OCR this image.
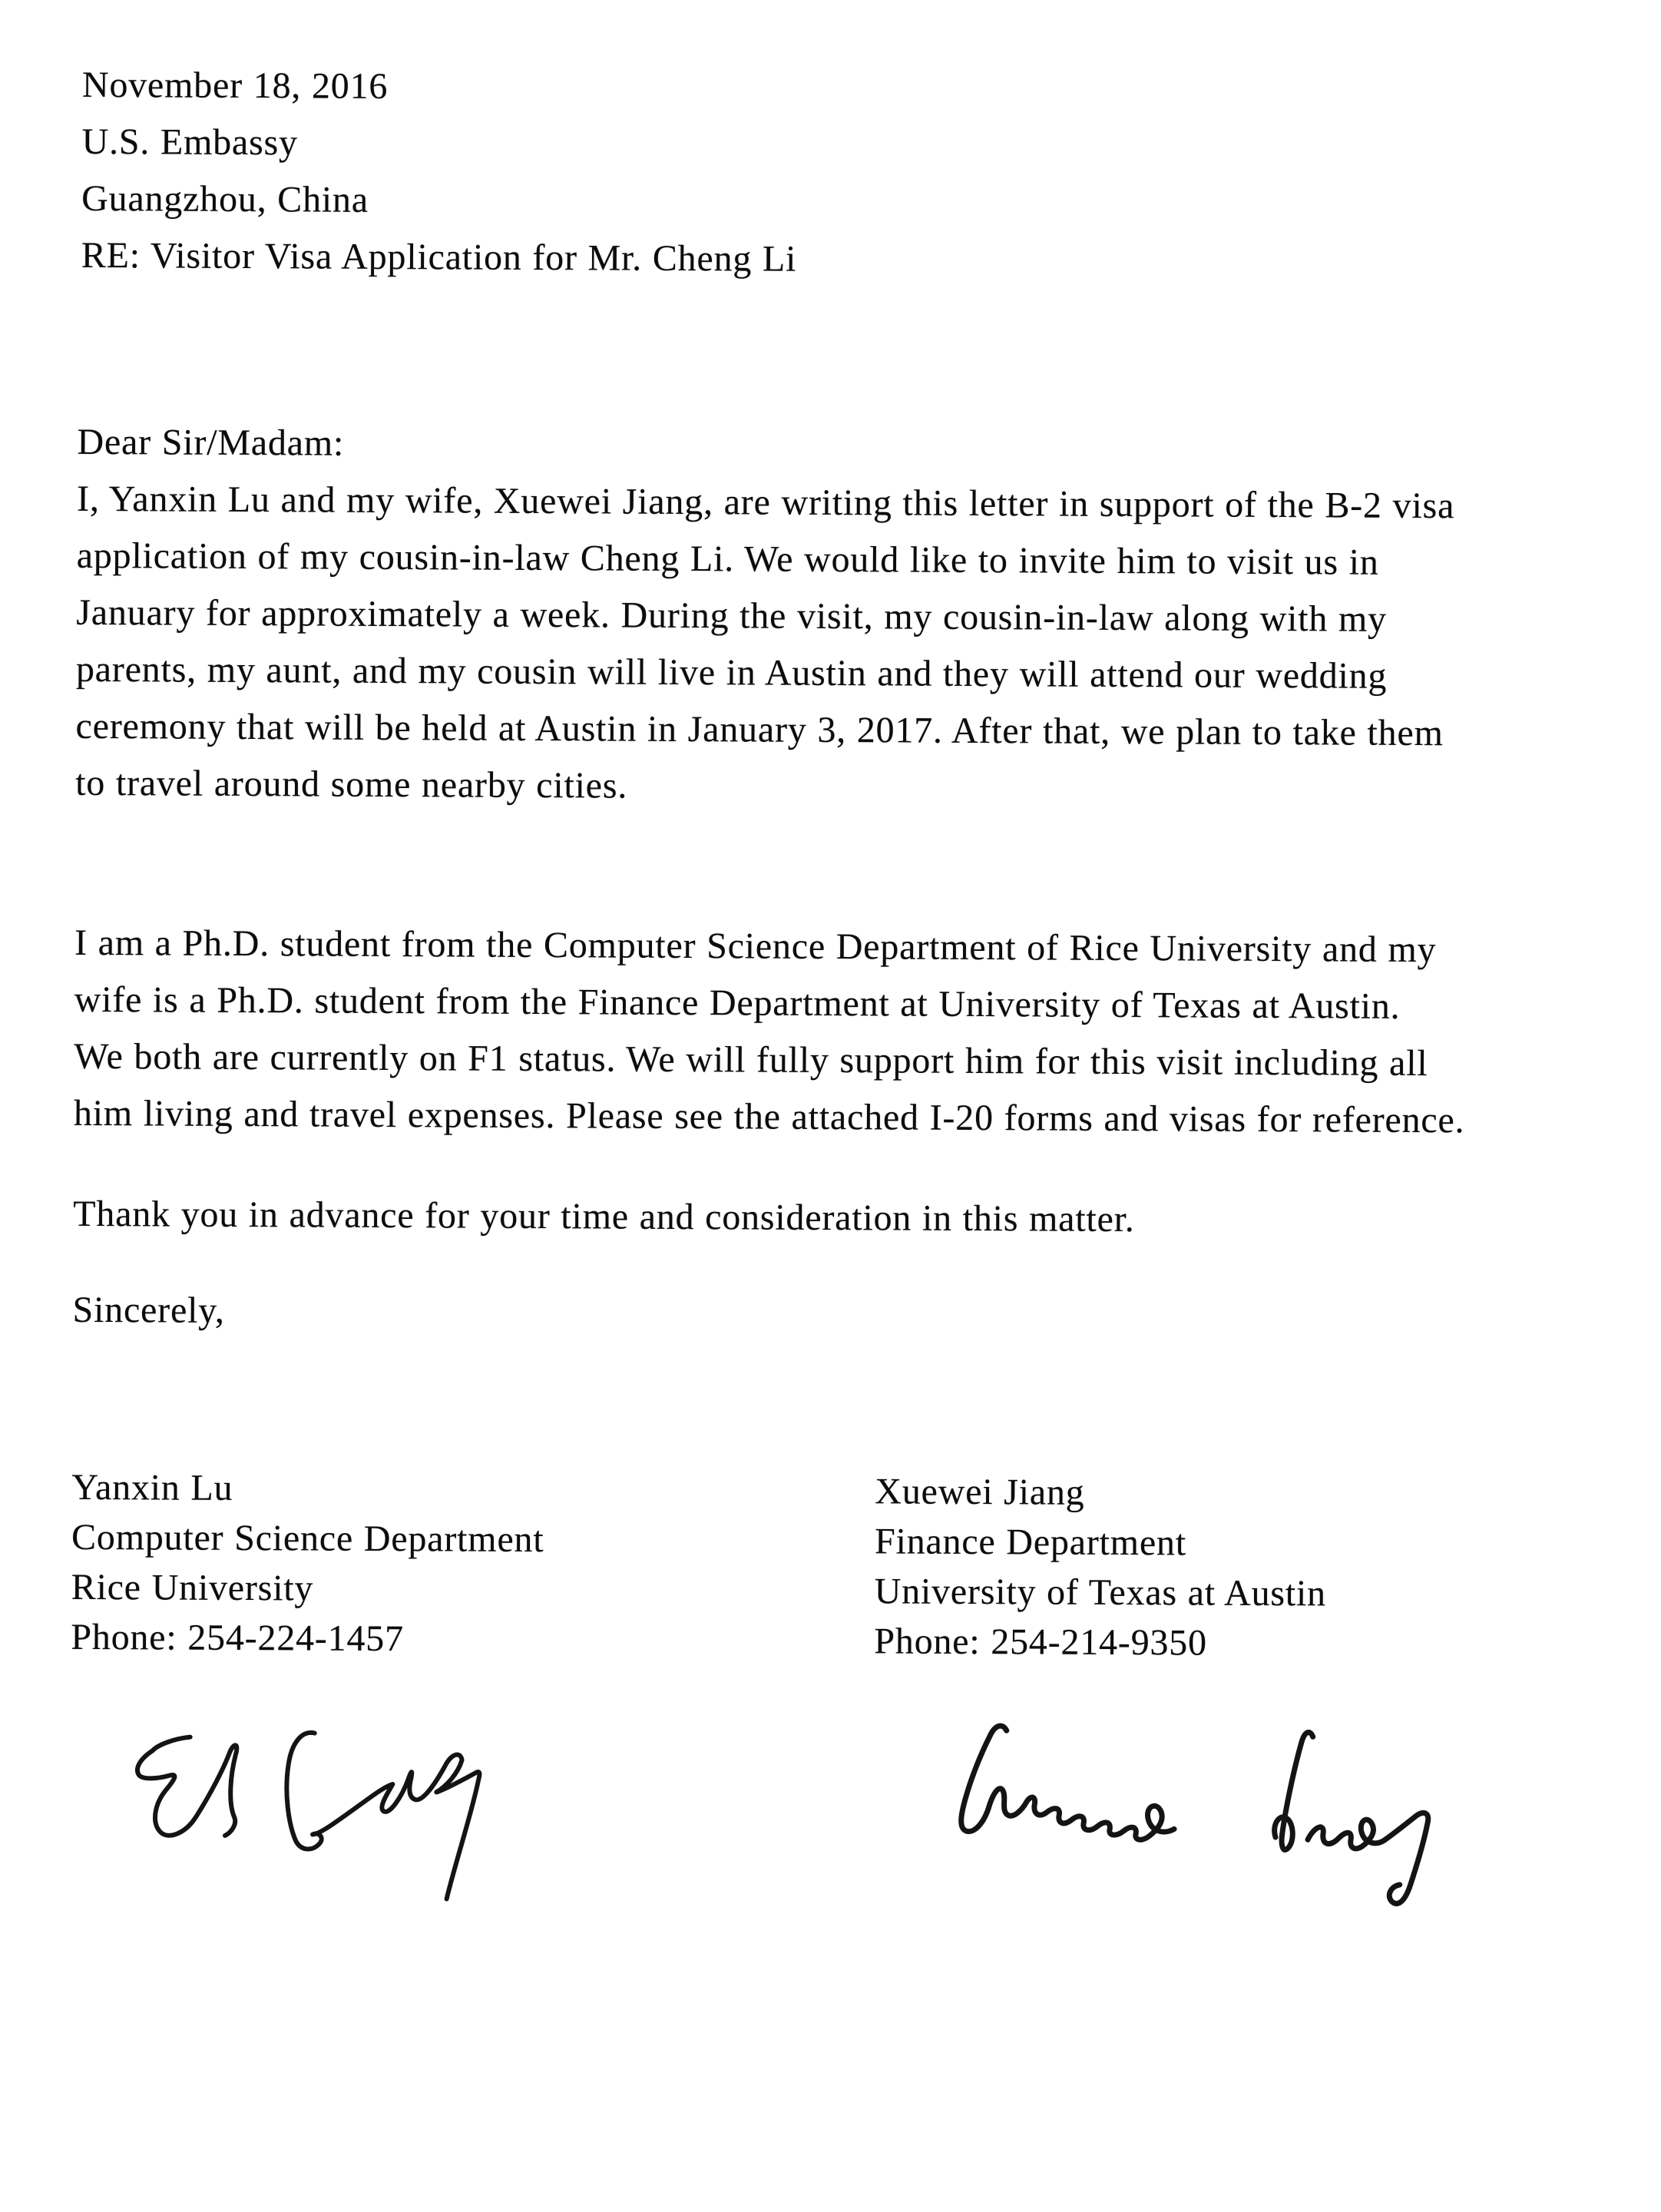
November 18, 2016
U.S. Embassy
Guangzhou, China
RE: Visitor Visa Application for Mr. Cheng Li
Dear Sir/Madam:
I, Yanxin Lu and my wife, Xuewei Jiang, are writing this letter in support of the B-2 visa
application of my cousin-in-law Cheng Li. We would like to invite him to visit us in
January for approximately a week. During the visit, my cousin-in-law along with my
parents, my aunt, and my cousin will live in Austin and they will attend our wedding
ceremony that will be held at Austin in January 3, 2017. After that, we plan to take them
to travel around some nearby cities.
I am a Ph.D. student from the Computer Science Department of Rice University and my
wife is a Ph.D. student from the Finance Department at University of Texas at Austin.
We both are currently on F1 status. We will fully support him for this visit including all
him living and travel expenses. Please see the attached I-20 forms and visas for reference.
Thank you in advance for your time and consideration in this matter.
Sincerely,
Yanxin Lu
Computer Science Department
Rice University
Phone: 254-224-1457
Xuewei Jiang
Finance Department
University of Texas at Austin
Phone: 254-214-9350
